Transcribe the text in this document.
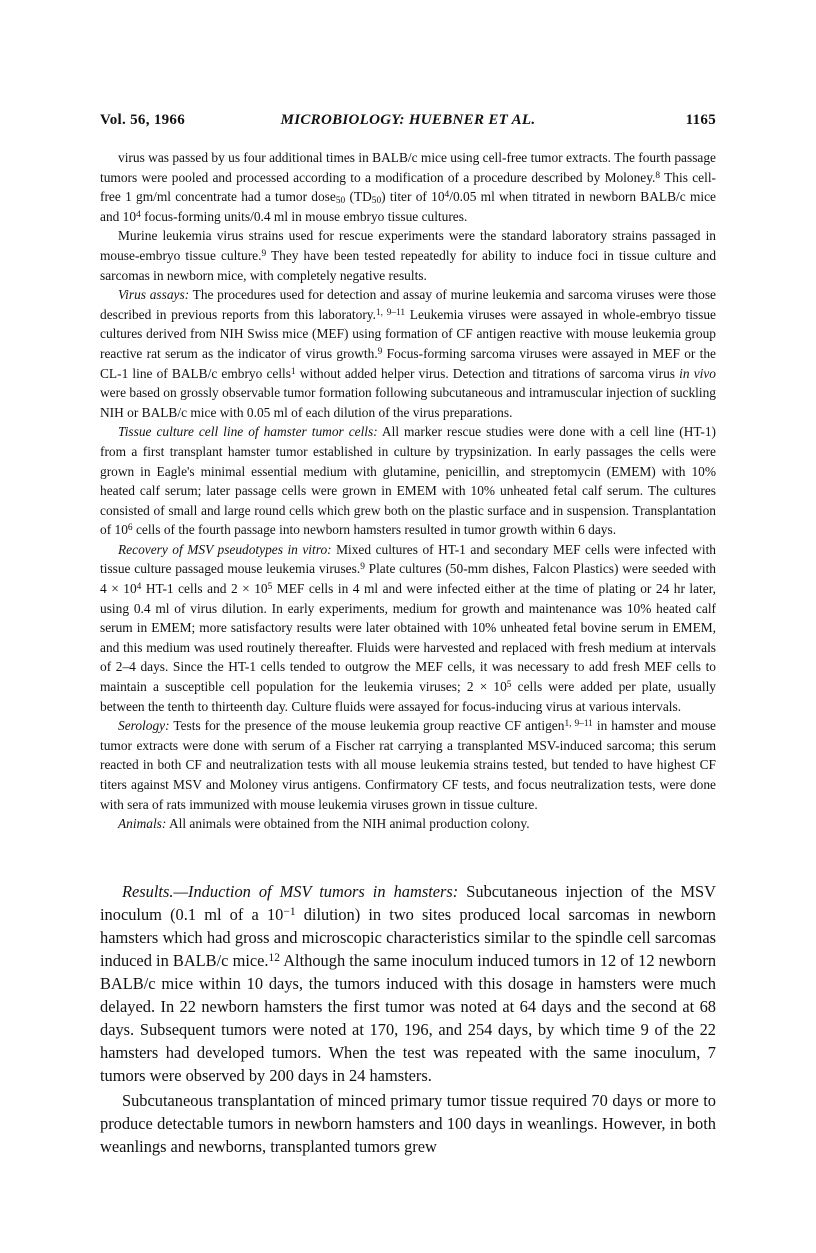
Vol. 56, 1966	MICROBIOLOGY: HUEBNER ET AL.	1165

virus was passed by us four additional times in BALB/c mice using cell-free tumor extracts. The fourth passage tumors were pooled and processed according to a modification of a procedure described by Moloney.$^8$ This cell-free 1 gm/ml concentrate had a tumor dose$_{50}$ $(TD_{50})$ titer of $10^4/0.05$ ml when titrated in newborn BALB/c mice and $10^4$ focus-forming units/0.4 ml in mouse embryo tissue cultures.

Murine leukemia virus strains used for rescue experiments were the standard laboratory strains passaged in mouse-embryo tissue culture.$^9$ They have been tested repeatedly for ability to induce foci in tissue culture and sarcomas in newborn mice, with completely negative results.

Virus assays: The procedures used for detection and assay of murine leukemia and sarcoma viruses were those described in previous reports from this laboratory.$^{1, 9-11}$ Leukemia viruses were assayed in whole-embryo tissue cultures derived from NIH Swiss mice (MEF) using formation of CF antigen reactive with mouse leukemia group reactive rat serum as the indicator of virus growth.$^9$ Focus-forming sarcoma viruses were assayed in MEF or the CL-1 line of BALB/c embryo cells$^1$ without added helper virus. Detection and titrations of sarcoma virus in vivo were based on grossly observable tumor formation following subcutaneous and intramuscular injection of suckling NIH or BALB/c mice with 0.05 ml of each dilution of the virus preparations.

Tissue culture cell line of hamster tumor cells: All marker rescue studies were done with a cell line (HT-1) from a first transplant hamster tumor established in culture by trypsinization. In early passages the cells were grown in Eagle's minimal essential medium with glutamine, penicillin, and streptomycin (EMEM) with 10% heated calf serum; later passage cells were grown in EMEM with 10% unheated fetal calf serum. The cultures consisted of small and large round cells which grew both on the plastic surface and in suspension. Transplantation of $10^6$ cells of the fourth passage into newborn hamsters resulted in tumor growth within 6 days.

Recovery of MSV pseudotypes in vitro: Mixed cultures of HT-1 and secondary MEF cells were infected with tissue culture passaged mouse leukemia viruses.$^9$ Plate cultures (50-mm dishes, Falcon Plastics) were seeded with $4 \times 10^4$ HT-1 cells and $2 \times 10^5$ MEF cells in 4 ml and were infected either at the time of plating or 24 hr later, using 0.4 ml of virus dilution. In early experiments, medium for growth and maintenance was 10% heated calf serum in EMEM; more satisfactory results were later obtained with 10% unheated fetal bovine serum in EMEM, and this medium was used routinely thereafter. Fluids were harvested and replaced with fresh medium at intervals of 2–4 days. Since the HT-1 cells tended to outgrow the MEF cells, it was necessary to add fresh MEF cells to maintain a susceptible cell population for the leukemia viruses; $2 \times 10^5$ cells were added per plate, usually between the tenth to thirteenth day. Culture fluids were assayed for focus-inducing virus at various intervals.

Serology: Tests for the presence of the mouse leukemia group reactive CF antigen$^{1, 9-11}$ in hamster and mouse tumor extracts were done with serum of a Fischer rat carrying a transplanted MSV-induced sarcoma; this serum reacted in both CF and neutralization tests with all mouse leukemia strains tested, but tended to have highest CF titers against MSV and Moloney virus antigens. Confirmatory CF tests, and focus neutralization tests, were done with sera of rats immunized with mouse leukemia viruses grown in tissue culture.

Animals: All animals were obtained from the NIH animal production colony.

Results.—Induction of MSV tumors in hamsters: Subcutaneous injection of the MSV inoculum (0.1 ml of a $10^{-1}$ dilution) in two sites produced local sarcomas in newborn hamsters which had gross and microscopic characteristics similar to the spindle cell sarcomas induced in BALB/c mice.$^{12}$ Although the same inoculum induced tumors in 12 of 12 newborn BALB/c mice within 10 days, the tumors induced with this dosage in hamsters were much delayed. In 22 newborn hamsters the first tumor was noted at 64 days and the second at 68 days. Subsequent tumors were noted at 170, 196, and 254 days, by which time 9 of the 22 hamsters had developed tumors. When the test was repeated with the same inoculum, 7 tumors were observed by 200 days in 24 hamsters.

Subcutaneous transplantation of minced primary tumor tissue required 70 days or more to produce detectable tumors in newborn hamsters and 100 days in weanlings. However, in both weanlings and newborns, transplanted tumors grew
